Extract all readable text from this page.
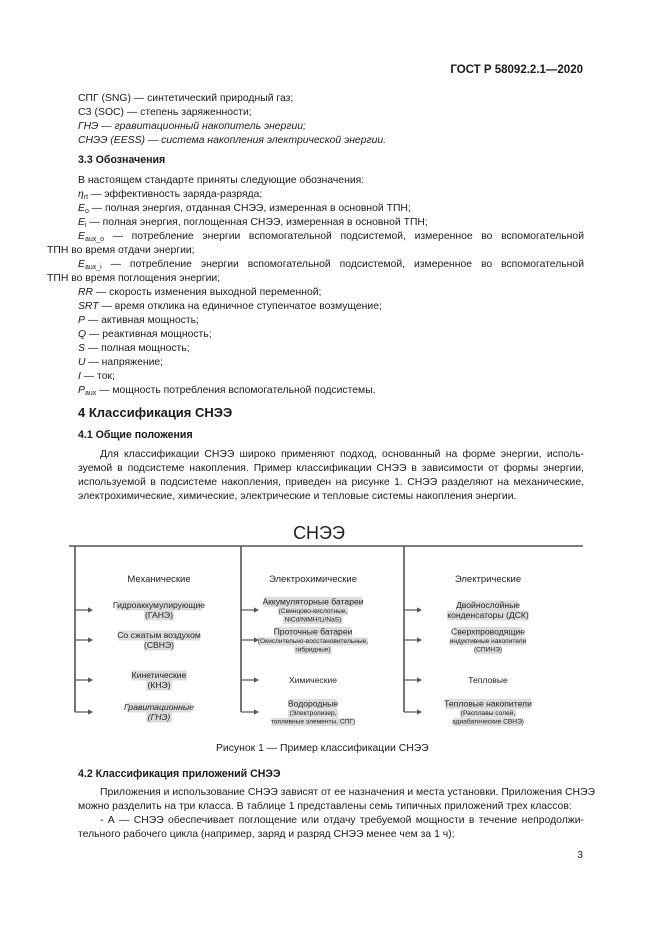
ГОСТ Р 58092.2.1—2020
СПГ (SNG) — синтетический природный газ;
СЗ (SOC) — степень заряженности;
ГНЭ — гравитационный накопитель энергии;
СНЭЭ (EESS) — система накопления электрической энергии.
3.3 Обозначения
В настоящем стандарте приняты следующие обозначения:
$\eta_{rt}$ — эффективность заряда-разряда;
$E_o$ — полная энергия, отданная СНЭЭ, измеренная в основной ТПН;
$E_i$ — полная энергия, поглощенная СНЭЭ, измеренная в основной ТПН;
$E_{aux\_o}$ — потребление энергии вспомогательной подсистемой, измеренное во вспомогательной
ТПН во время отдачи энергии;
$E_{aux\_i}$ — потребление энергии вспомогательной подсистемой, измеренное во вспомогательной
ТПН во время поглощения энергии;
RR — скорость изменения выходной переменной;
SRT — время отклика на единичное ступенчатое возмущение;
P — активная мощность;
Q — реактивная мощность;
S — полная мощность;
U — напряжение;
I — ток;
$P_{aux}$ — мощность потребления вспомогательной подсистемы.
4 Классификация СНЭЭ
4.1 Общие положения
Для классификации СНЭЭ широко применяют подход, основанный на форме энергии, исполь-
зуемой в подсистеме накопления. Пример классификации СНЭЭ в зависимости от формы энергии,
используемой в подсистеме накопления, приведен на рисунке 1. СНЭЭ разделяют на механические,
электрохимические, химические, электрические и тепловые системы накопления энергии.
СНЭЭ
Механические
Гидроаккумулирующие
(ГАНЭ)
Со сжатым воздухом
(СВНЭ)
Кинетические
(КНЭ)
Гравитационные
(ГНЭ)
Электрохимические
Аккумуляторные батареи
(Свинцово-кислотные,
NiCd/NiMH/Li/NaS)
Проточные батареи
(Окислительно-восстановительные,
гибридные)
Химические
Водородные
(Электролизер,
топливные элементы, СПГ)
Электрические
Двойнослойные
конденсаторы (ДСК)
Сверхпроводящие
индуктивные накопители
(СПИНЭ)
Тепловые
Тепловые накопители
(Расплавы солей,
адиабатические СВНЭ)
Рисунок 1 — Пример классификации СНЭЭ
4.2 Классификация приложений СНЭЭ
Приложения и использование СНЭЭ зависят от ее назначения и места установки. Приложения СНЭЭ
можно разделить на три класса. В таблице 1 представлены семь типичных приложений трех классов:
- А — СНЭЭ обеспечивает поглощение или отдачу требуемой мощности в течение непродолжи-
тельного рабочего цикла (например, заряд и разряд СНЭЭ менее чем за 1 ч);
3
